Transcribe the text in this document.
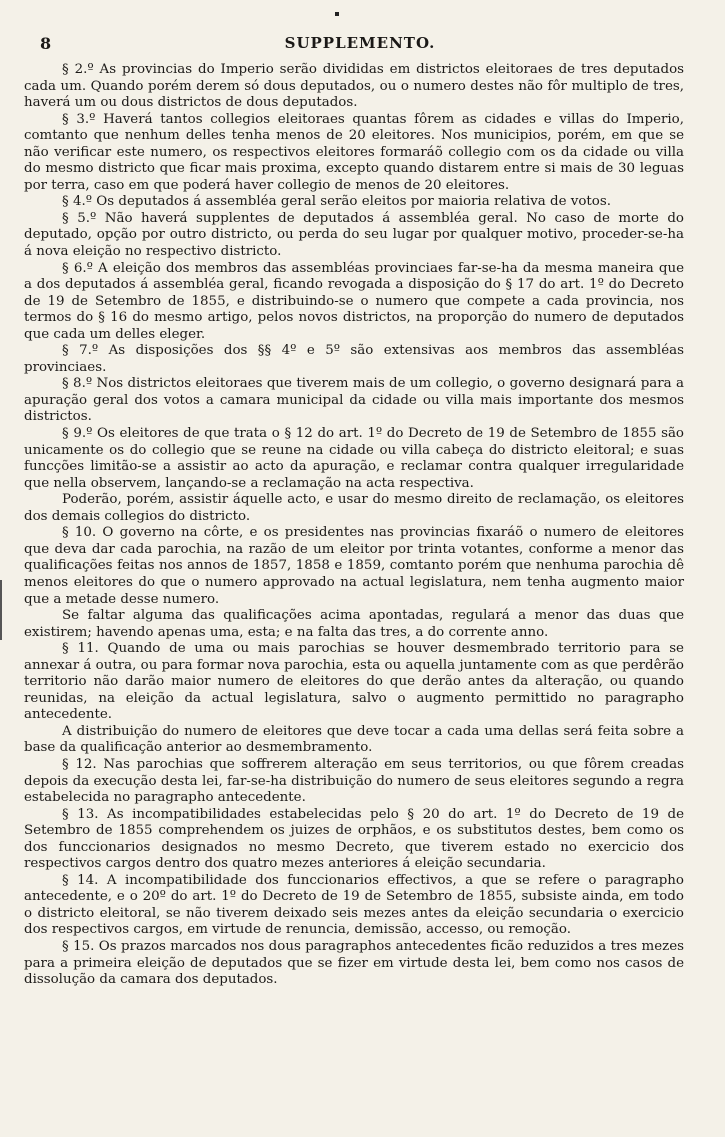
8	SUPPLEMENTO.

§ 2.º As provincias do Imperio serão divididas em districtos eleitoraes de tres deputados cada um. Quando porém derem só dous deputados, ou o numero destes não fôr multiplo de tres, haverá um ou dous districtos de dous deputados.

§ 3.º Haverá tantos collegios eleitoraes quantas fôrem as cidades e villas do Imperio, comtanto que nenhum delles tenha menos de 20 eleitores. Nos municipios, porém, em que se não verificar este numero, os respectivos eleitores formaráõ collegio com os da cidade ou villa do mesmo districto que ficar mais proxima, excepto quando distarem entre si mais de 30 leguas por terra, caso em que poderá haver collegio de menos de 20 eleitores.

§ 4.º Os deputados á assembléa geral serão eleitos por maioria relativa de votos.

§ 5.º Não haverá supplentes de deputados á assembléa geral. No caso de morte do deputado, opção por outro districto, ou perda do seu lugar por qualquer motivo, proceder-se-ha á nova eleição no respectivo districto.

§ 6.º A eleição dos membros das assembléas provinciaes far-se-ha da mesma maneira que a dos deputados á assembléa geral, ficando revogada a disposição do § 17 do art. 1º do Decreto de 19 de Setembro de 1855, e distribuindo-se o numero que compete a cada provincia, nos termos do § 16 do mesmo artigo, pelos novos districtos, na proporção do numero de deputados que cada um delles eleger.

§ 7.º As disposições dos §§ 4º e 5º são extensivas aos membros das assembléas provinciaes.

§ 8.º Nos districtos eleitoraes que tiverem mais de um collegio, o governo designará para a apuração geral dos votos a camara municipal da cidade ou villa mais importante dos mesmos districtos.

§ 9.º Os eleitores de que trata o § 12 do art. 1º do Decreto de 19 de Setembro de 1855 são unicamente os do collegio que se reune na cidade ou villa cabeça do districto eleitoral; e suas funcções limitão-se a assistir ao acto da apuração, e reclamar contra qualquer irregularidade que nella observem, lançando-se a reclamação na acta respectiva.

Poderão, porém, assistir áquelle acto, e usar do mesmo direito de reclamação, os eleitores dos demais collegios do districto.

§ 10. O governo na côrte, e os presidentes nas provincias fixaráõ o numero de eleitores que deva dar cada parochia, na razão de um eleitor por trinta votantes, conforme a menor das qualificações feitas nos annos de 1857, 1858 e 1859, comtanto porém que nenhuma parochia dê menos eleitores do que o numero approvado na actual legislatura, nem tenha augmento maior que a metade desse numero.

Se faltar alguma das qualificações acima apontadas, regulará a menor das duas que existirem; havendo apenas uma, esta; e na falta das tres, a do corrente anno.

§ 11. Quando de uma ou mais parochias se houver desmembrado territorio para se annexar á outra, ou para formar nova parochia, esta ou aquella juntamente com as que perdêrão territorio não darão maior numero de eleitores do que derão antes da alteração, ou quando reunidas, na eleição da actual legislatura, salvo o augmento permittido no paragrapho antecedente.

A distribuição do numero de eleitores que deve tocar a cada uma dellas será feita sobre a base da qualificação anterior ao desmembramento.

§ 12. Nas parochias que soffrerem alteração em seus territorios, ou que fôrem creadas depois da execução desta lei, far-se-ha distribuição do numero de seus eleitores segundo a regra estabelecida no paragrapho antecedente.

§ 13. As incompatibilidades estabelecidas pelo § 20 do art. 1º do Decreto de 19 de Setembro de 1855 comprehendem os juizes de orphãos, e os substitutos destes, bem como os dos funccionarios designados no mesmo Decreto, que tiverem estado no exercicio dos respectivos cargos dentro dos quatro mezes anteriores á eleição secundaria.

§ 14. A incompatibilidade dos funccionarios effectivos, a que se refere o paragrapho antecedente, e o 20º do art. 1º do Decreto de 19 de Setembro de 1855, subsiste ainda, em todo o districto eleitoral, se não tiverem deixado seis mezes antes da eleição secundaria o exercicio dos respectivos cargos, em virtude de renuncia, demissão, accesso, ou remoção.

§ 15. Os prazos marcados nos dous paragraphos antecedentes ficão reduzidos a tres mezes para a primeira eleição de deputados que se fizer em virtude desta lei, bem como nos casos de dissolução da camara dos deputados.
